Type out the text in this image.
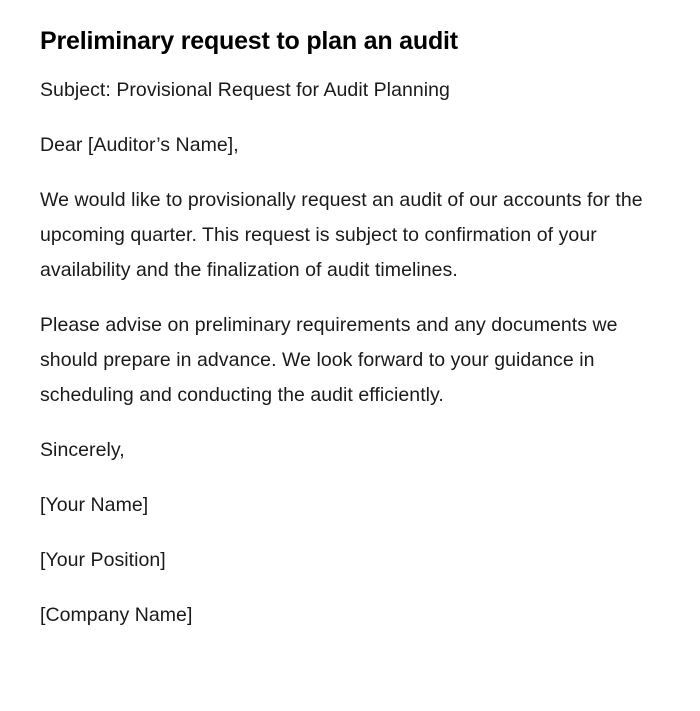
Preliminary request to plan an audit

Subject: Provisional Request for Audit Planning

Dear [Auditor’s Name],

We would like to provisionally request an audit of our accounts for the upcoming quarter. This request is subject to confirmation of your availability and the finalization of audit timelines.

Please advise on preliminary requirements and any documents we should prepare in advance. We look forward to your guidance in scheduling and conducting the audit efficiently.

Sincerely,

[Your Name]

[Your Position]

[Company Name]
